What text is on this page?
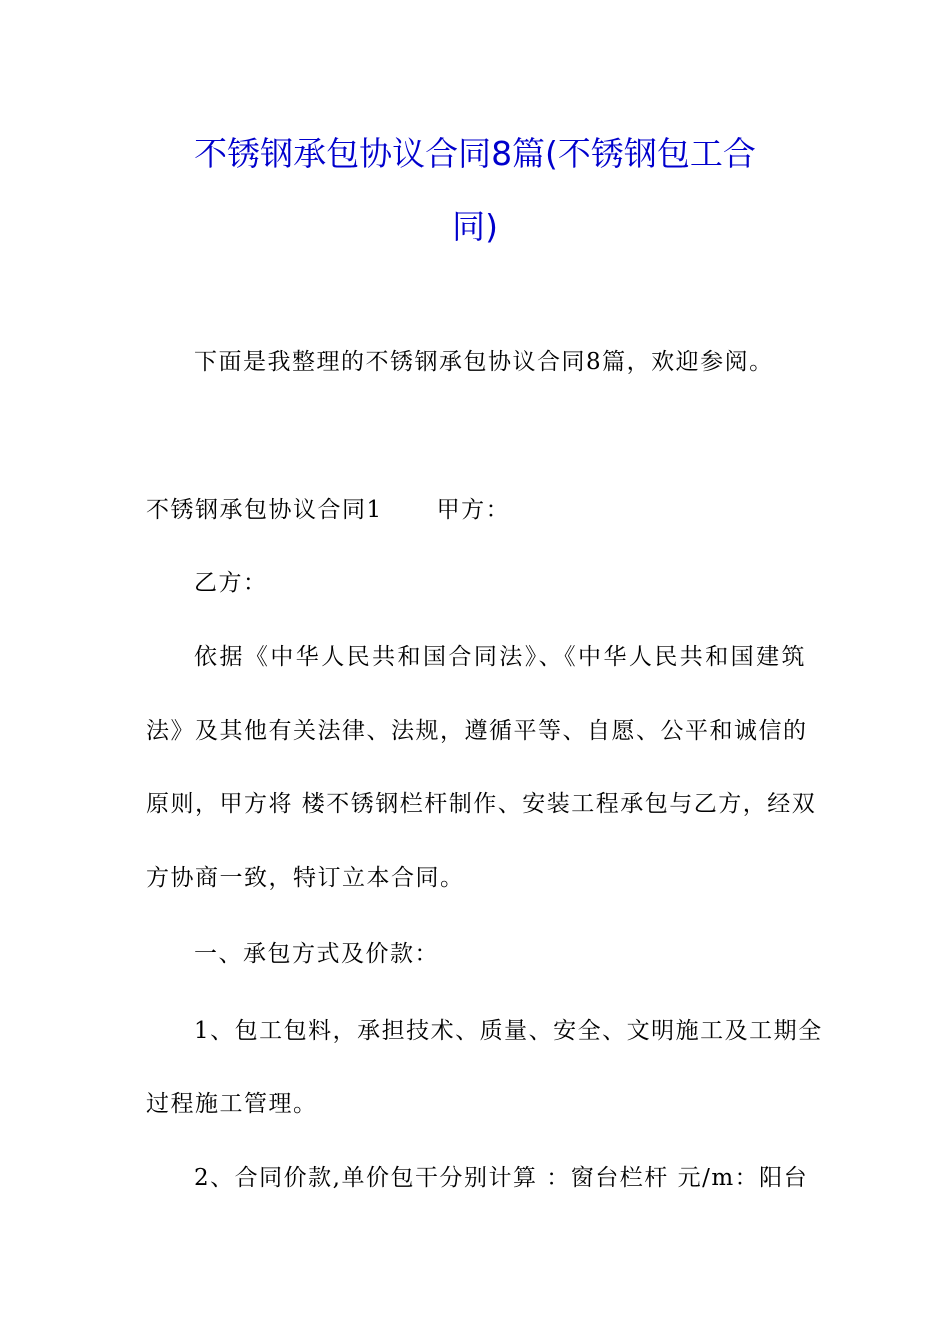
不锈钢承包协议合同8篇(不锈钢包工合
同)

下面是我整理的不锈钢承包协议合同8篇，欢迎参阅。

不锈钢承包协议合同1 甲方：

乙方：

依据《中华人民共和国合同法》、《中华人民共和国建筑

法》及其他有关法律、法规，遵循平等、自愿、公平和诚信的

原则，甲方将 楼不锈钢栏杆制作、安装工程承包与乙方，经双

方协商一致，特订立本合同。

一、承包方式及价款：

1、包工包料，承担技术、质量、安全、文明施工及工期全

过程施工管理。

2、合同价款,单价包干分别计算 ：窗台栏杆 元/m：阳台
